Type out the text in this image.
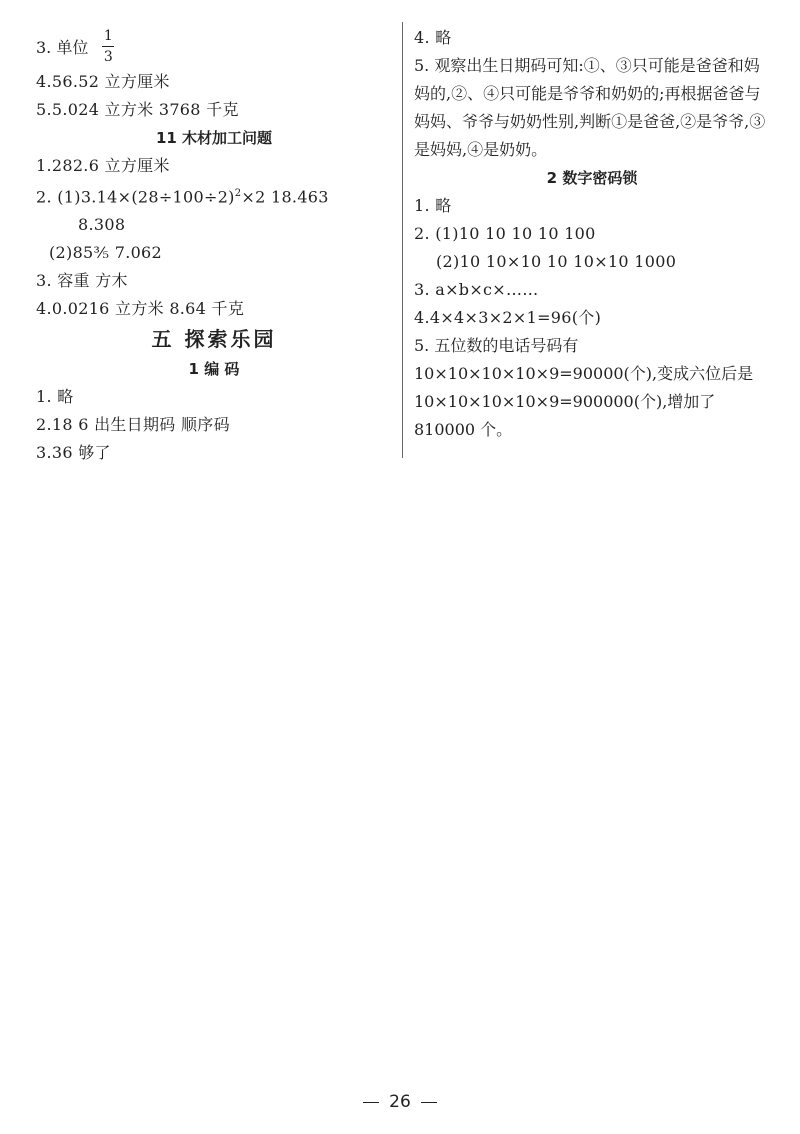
3. 单位 $\frac{1}{3}$
4.56.52 立方厘米
5.5.024 立方米 3768 千克
11 木材加工问题
1.282.6 立方厘米
2. $(1)3.14\times(28\div 100\div 2)^2\times 2$ 18.463
8.308
(2)85⅗ 7.062
3. 容重 方木
4.0.0216 立方米 8.64 千克
五 探索乐园
1 编 码
1. 略
2.18 6 出生日期码 顺序码
3.36 够了
4. 略
5. 观察出生日期码可知:①、③只可能是爸爸和妈妈的,②、④只可能是爷爷和奶奶的;再根据爸爸与妈妈、爷爷与奶奶性别,判断①是爸爸,②是爷爷,③是妈妈,④是奶奶。
2 数字密码锁
1. 略
2. (1)10 10 10 10 100
(2)10 10×10 10 10×10 1000
3. a×b×c×……
4.4×4×3×2×1=96(个)
5. 五位数的电话号码有 10×10×10×10×9=90000(个),变成六位后是 10×10×10×10×9=900000(个),增加了 810000 个。
26
